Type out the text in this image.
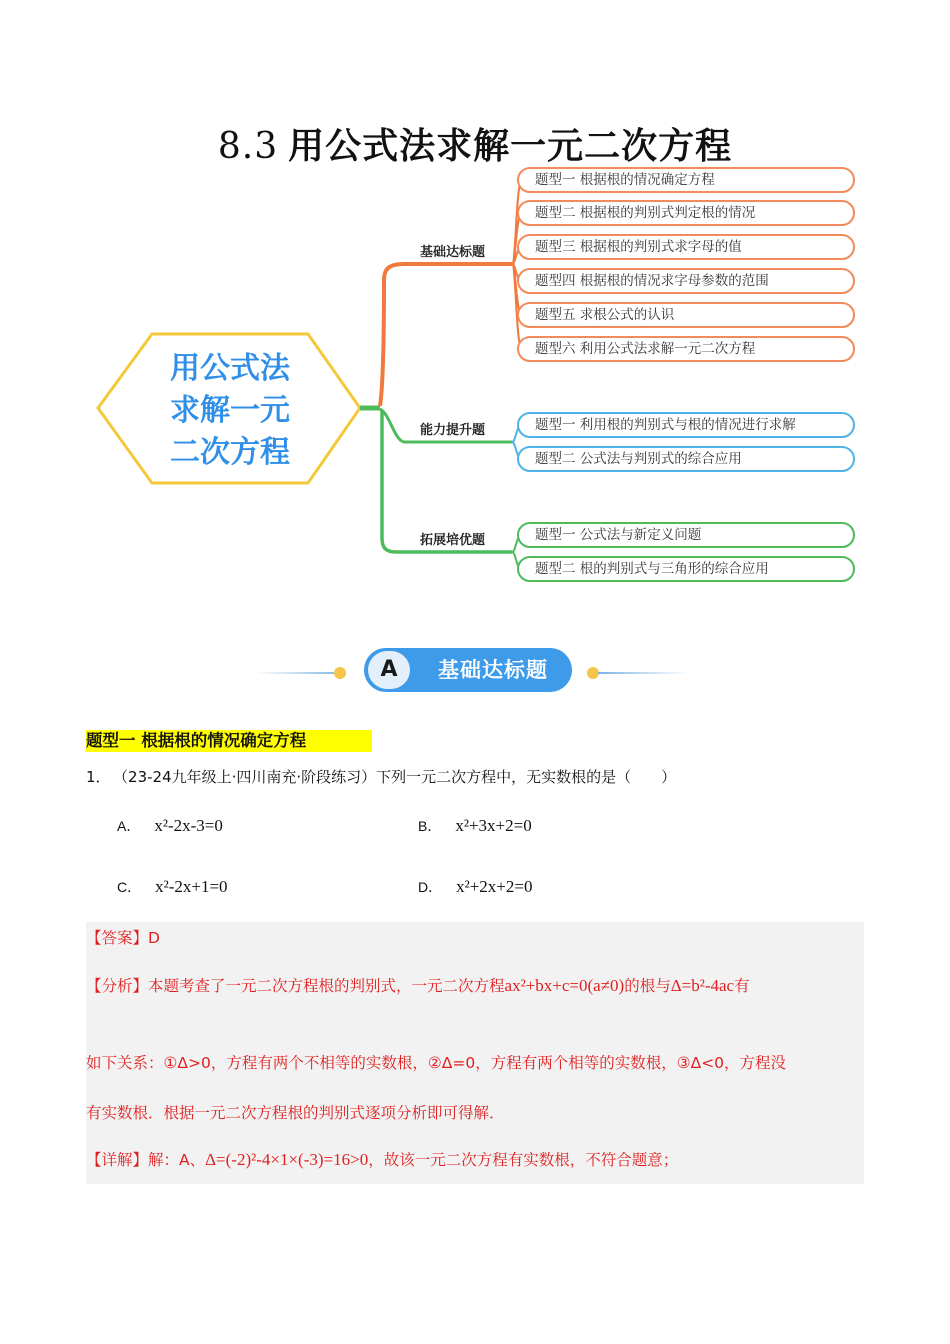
8.3 用公式法求解一元二次方程
用公式法
求解一元
二次方程
基础达标题
能力提升题
拓展培优题
题型一 根据根的情况确定方程
题型二 根据根的判别式判定根的情况
题型三 根据根的判别式求字母的值
题型四 根据根的情况求字母参数的范围
题型五 求根公式的认识
题型六 利用公式法求解一元二次方程
题型一 利用根的判别式与根的情况进行求解
题型二 公式法与判别式的综合应用
题型一 公式法与新定义问题
题型二 根的判别式与三角形的综合应用
A	基础达标题
题型一 根据根的情况确定方程
1． （23-24九年级上·四川南充·阶段练习）下列一元二次方程中，无实数根的是（　　）
A． x²-2x-3=0	B． x²+3x+2=0
C． x²-2x+1=0	D． x²+2x+2=0
【答案】D
【分析】本题考查了一元二次方程根的判别式，一元二次方程ax²+bx+c=0(a≠0)的根与Δ=b²-4ac有
如下关系：①Δ>0，方程有两个不相等的实数根，②Δ=0，方程有两个相等的实数根，③Δ<0，方程没
有实数根．根据一元二次方程根的判别式逐项分析即可得解．
【详解】解：A、Δ=(-2)²-4×1×(-3)=16>0，故该一元二次方程有实数根，不符合题意；
